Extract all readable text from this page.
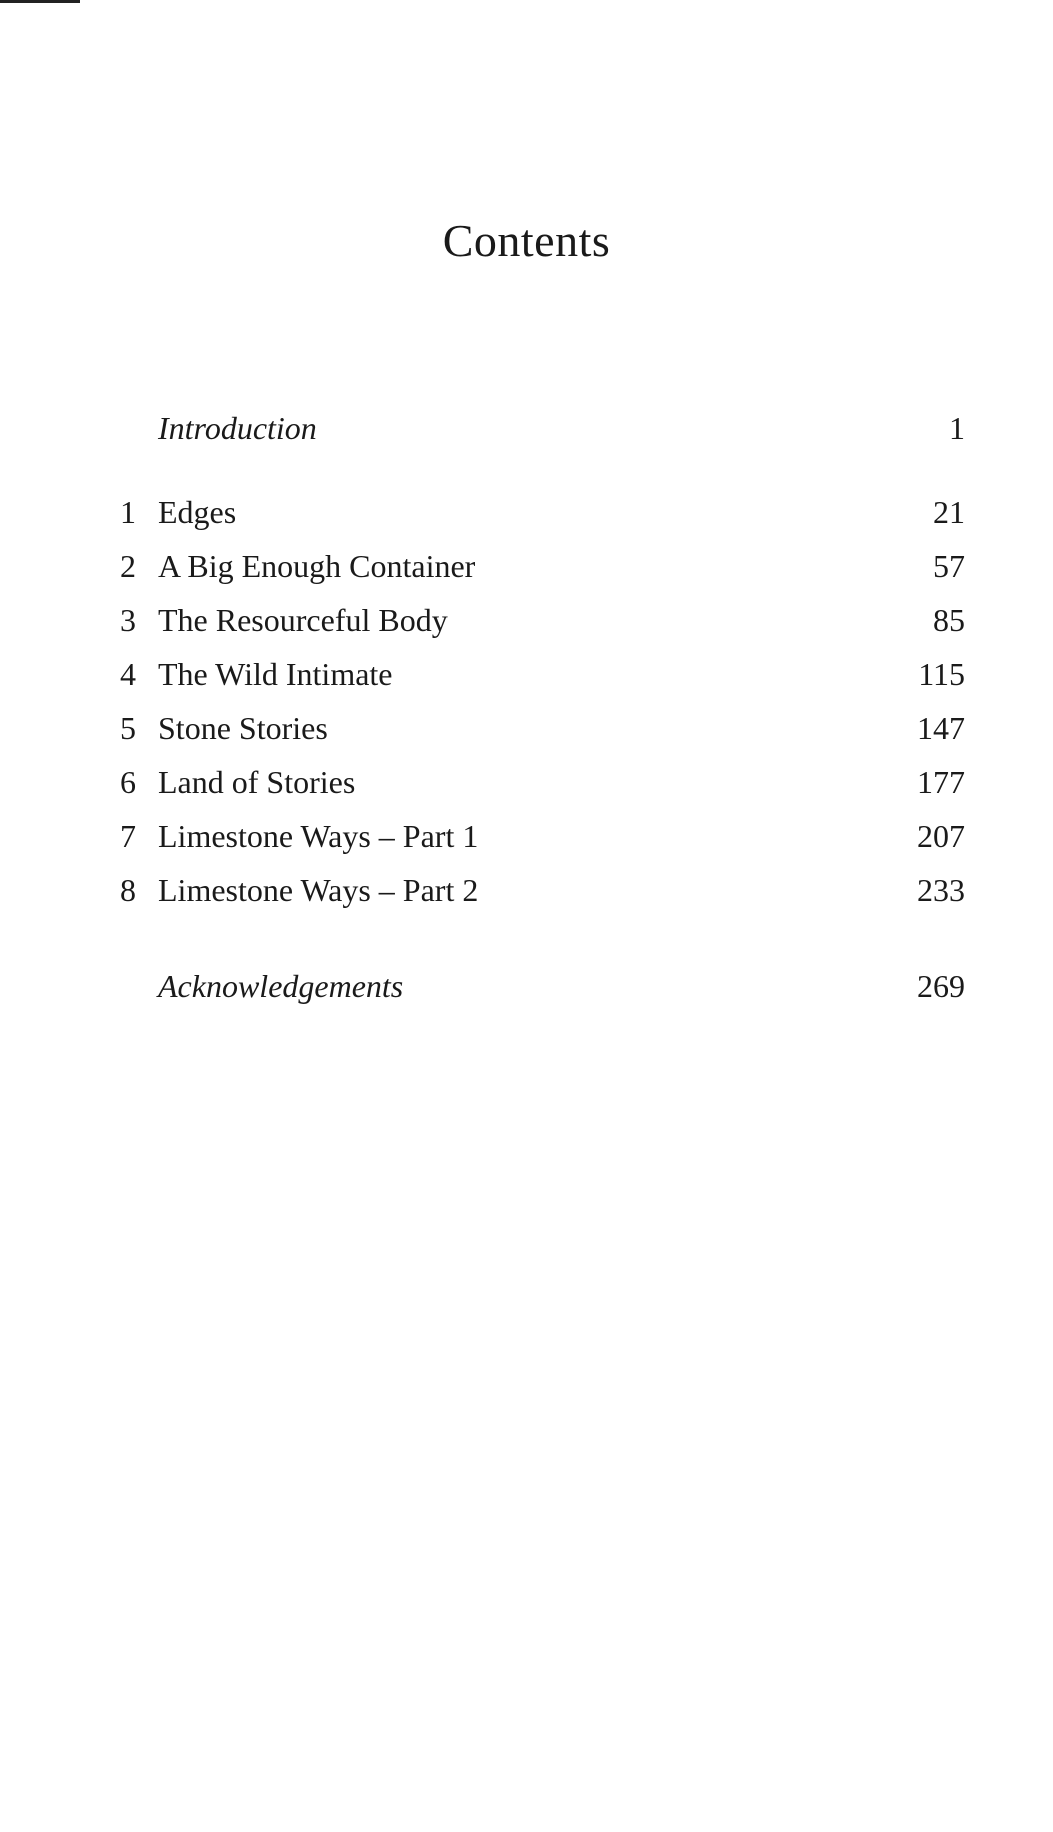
Contents
Introduction	1
1 Edges	21
2 A Big Enough Container	57
3 The Resourceful Body	85
4 The Wild Intimate	115
5 Stone Stories	147
6 Land of Stories	177
7 Limestone Ways – Part 1	207
8 Limestone Ways – Part 2	233
Acknowledgements	269
